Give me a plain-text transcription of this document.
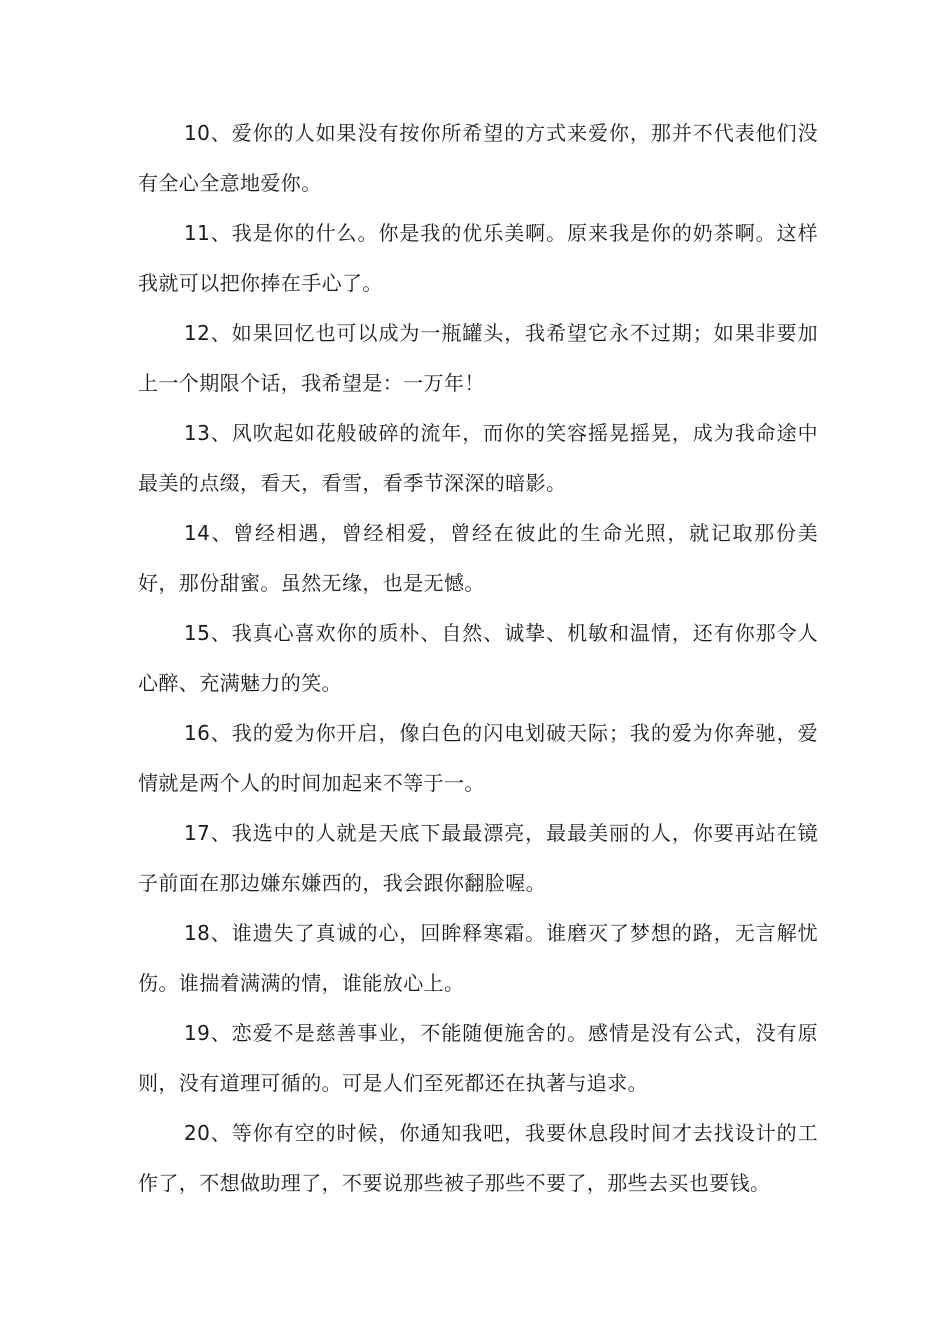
10、爱你的人如果没有按你所希望的方式来爱你，那并不代表他们没有全心全意地爱你。

11、我是你的什么。你是我的优乐美啊。原来我是你的奶茶啊。这样我就可以把你捧在手心了。

12、如果回忆也可以成为一瓶罐头，我希望它永不过期；如果非要加上一个期限个话，我希望是：一万年！

13、风吹起如花般破碎的流年，而你的笑容摇晃摇晃，成为我命途中最美的点缀，看天，看雪，看季节深深的暗影。

14、曾经相遇，曾经相爱，曾经在彼此的生命光照，就记取那份美好，那份甜蜜。虽然无缘，也是无憾。

15、我真心喜欢你的质朴、自然、诚挚、机敏和温情，还有你那令人心醉、充满魅力的笑。

16、我的爱为你开启，像白色的闪电划破天际；我的爱为你奔驰，爱情就是两个人的时间加起来不等于一。

17、我选中的人就是天底下最最漂亮，最最美丽的人，你要再站在镜子前面在那边嫌东嫌西的，我会跟你翻脸喔。

18、谁遗失了真诚的心，回眸释寒霜。谁磨灭了梦想的路，无言解忧伤。谁揣着满满的情，谁能放心上。

19、恋爱不是慈善事业，不能随便施舍的。感情是没有公式，没有原则，没有道理可循的。可是人们至死都还在执著与追求。

20、等你有空的时候，你通知我吧，我要休息段时间才去找设计的工作了，不想做助理了，不要说那些被子那些不要了，那些去买也要钱。
